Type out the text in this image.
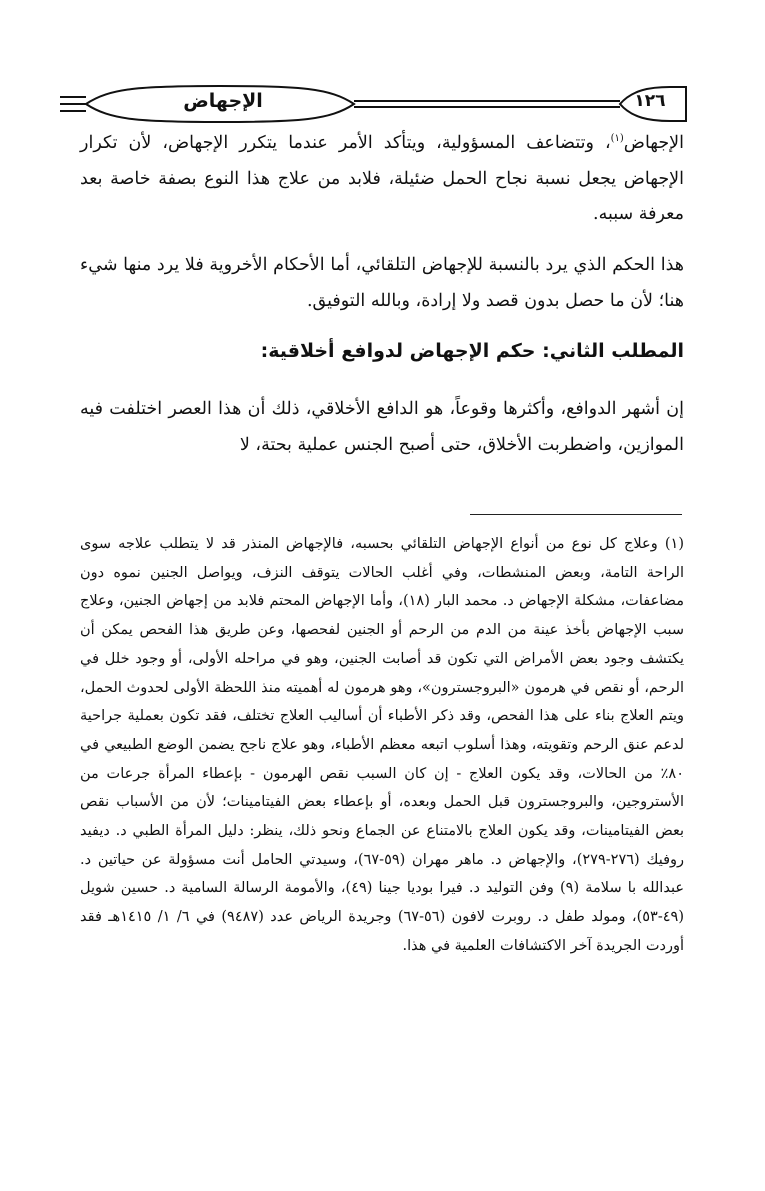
الإجهاض	١٢٦
الإجهاض$^{(١)}$، وتتضاعف المسؤولية، ويتأكد الأمر عندما يتكرر الإجهاض، لأن تكرار الإجهاض يجعل نسبة نجاح الحمل ضئيلة، فلابد من علاج هذا النوع بصفة خاصة بعد معرفة سببه.
هذا الحكم الذي يرد بالنسبة للإجهاض التلقائي، أما الأحكام الأخروية فلا يرد منها شيء هنا؛ لأن ما حصل بدون قصد ولا إرادة، وبالله التوفيق.
المطلب الثاني: حكم الإجهاض لدوافع أخلاقية:
إن أشهر الدوافع، وأكثرها وقوعاً، هو الدافع الأخلاقي، ذلك أن هذا العصر اختلفت فيه الموازين، واضطربت الأخلاق، حتى أصبح الجنس عملية بحتة، لا
(١) وعلاج كل نوع من أنواع الإجهاض التلقائي بحسبه، فالإجهاض المنذر قد لا يتطلب علاجه سوى الراحة التامة، وبعض المنشطات، وفي أغلب الحالات يتوقف النزف، ويواصل الجنين نموه دون مضاعفات، مشكلة الإجهاض د. محمد البار (١٨)، وأما الإجهاض المحتم فلابد من إجهاض الجنين، وعلاج سبب الإجهاض بأخذ عينة من الدم من الرحم أو الجنين لفحصها، وعن طريق هذا الفحص يمكن أن يكتشف وجود بعض الأمراض التي تكون قد أصابت الجنين، وهو في مراحله الأولى، أو وجود خلل في الرحم، أو نقص في هرمون «البروجسترون»، وهو هرمون له أهميته منذ اللحظة الأولى لحدوث الحمل، ويتم العلاج بناء على هذا الفحص، وقد ذكر الأطباء أن أساليب العلاج تختلف، فقد تكون بعملية جراحية لدعم عنق الرحم وتقويته، وهذا أسلوب اتبعه معظم الأطباء، وهو علاج ناجح يضمن الوضع الطبيعي في ٨٠٪ من الحالات، وقد يكون العلاج - إن كان السبب نقص الهرمون - بإعطاء المرأة جرعات من الأستروجين، والبروجسترون قبل الحمل وبعده، أو بإعطاء بعض الفيتامينات؛ لأن من الأسباب نقص بعض الفيتامينات، وقد يكون العلاج بالامتناع عن الجماع ونحو ذلك، ينظر: دليل المرأة الطبي د. ديفيد روفيك (٢٧٦-٢٧٩)، والإجهاض د. ماهر مهران (٥٩-٦٧)، وسيدتي الحامل أنت مسؤولة عن حياتين د. عبدالله با سلامة (٩) وفن التوليد د. فيرا بوديا جينا (٤٩)، والأمومة الرسالة السامية د. حسين شويل (٤٩-٥٣)، ومولد طفل د. روبرت لافون (٥٦-٦٧) وجريدة الرياض عدد (٩٤٨٧) في ٦/ ١/ ١٤١٥هـ فقد أوردت الجريدة آخر الاكتشافات العلمية في هذا.
